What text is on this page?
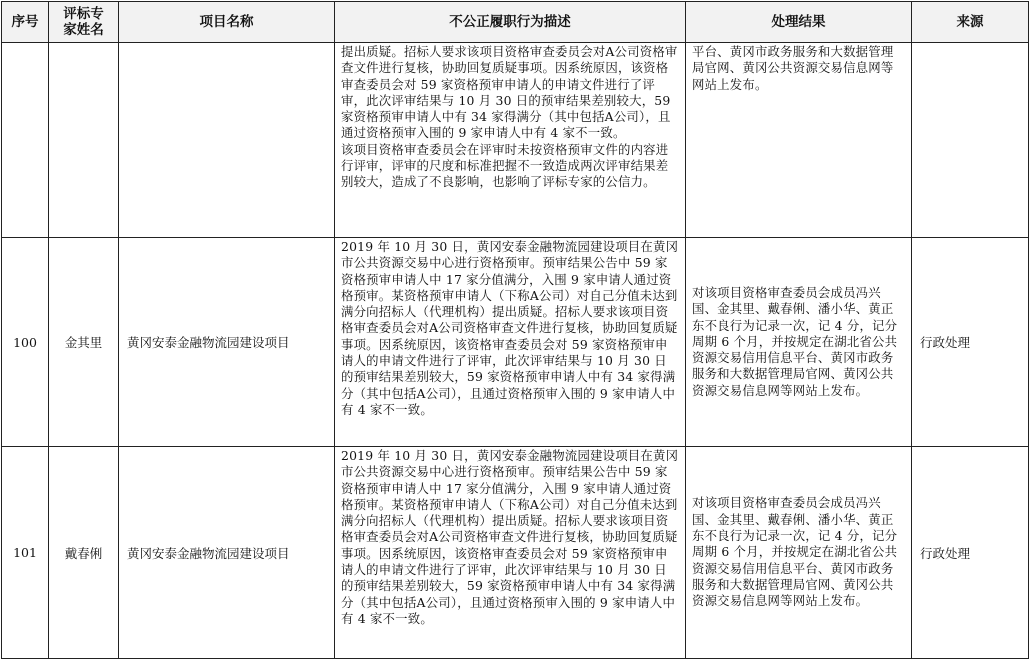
序号	评标专家姓名	项目名称	不公正履职行为描述	处理结果	来源

			提出质疑。招标人要求该项目资格审查委员会对A公司资格审查文件进行复核，协助回复质疑事项。因系统原因，该资格审查委员会对 59 家资格预审申请人的申请文件进行了评审，此次评审结果与 10 月 30 日的预审结果差别较大，59 家资格预审申请人中有 34 家得满分（其中包括A公司），且通过资格预审入围的 9 家申请人中有 4 家不一致。
该项目资格审查委员会在评审时未按资格预审文件的内容进行评审，评审的尺度和标准把握不一致造成两次评审结果差别较大，造成了不良影响，也影响了评标专家的公信力。	平台、黄冈市政务服务和大数据管理局官网、黄冈公共资源交易信息网等网站上发布。	

100	金其里	黄冈安泰金融物流园建设项目	2019 年 10 月 30 日，黄冈安泰金融物流园建设项目在黄冈市公共资源交易中心进行资格预审。预审结果公告中 59 家资格预审申请人中 17 家分值满分，入围 9 家申请人通过资格预审。某资格预审申请人（下称A公司）对自己分值未达到满分向招标人（代理机构）提出质疑。招标人要求该项目资格审查委员会对A公司资格审查文件进行复核，协助回复质疑事项。因系统原因，该资格审查委员会对 59 家资格预审申请人的申请文件进行了评审，此次评审结果与 10 月 30 日的预审结果差别较大，59 家资格预审申请人中有 34 家得满分（其中包括A公司），且通过资格预审入围的 9 家申请人中有 4 家不一致。	对该项目资格审查委员会成员冯兴国、金其里、戴春俐、潘小华、黄正东不良行为记录一次，记 4 分，记分周期 6 个月，并按规定在湖北省公共资源交易信用信息平台、黄冈市政务服务和大数据管理局官网、黄冈公共资源交易信息网等网站上发布。	行政处理
101	戴春俐	黄冈安泰金融物流园建设项目	2019 年 10 月 30 日，黄冈安泰金融物流园建设项目在黄冈市公共资源交易中心进行资格预审。预审结果公告中 59 家资格预审申请人中 17 家分值满分，入围 9 家申请人通过资格预审。某资格预审申请人（下称A公司）对自己分值未达到满分向招标人（代理机构）提出质疑。招标人要求该项目资格审查委员会对A公司资格审查文件进行复核，协助回复质疑事项。因系统原因，该资格审查委员会对 59 家资格预审申请人的申请文件进行了评审，此次评审结果与 10 月 30 日的预审结果差别较大，59 家资格预审申请人中有 34 家得满分（其中包括A公司），且通过资格预审入围的 9 家申请人中有 4 家不一致。	对该项目资格审查委员会成员冯兴国、金其里、戴春俐、潘小华、黄正东不良行为记录一次，记 4 分，记分周期 6 个月，并按规定在湖北省公共资源交易信用信息平台、黄冈市政务服务和大数据管理局官网、黄冈公共资源交易信息网等网站上发布。	行政处理
